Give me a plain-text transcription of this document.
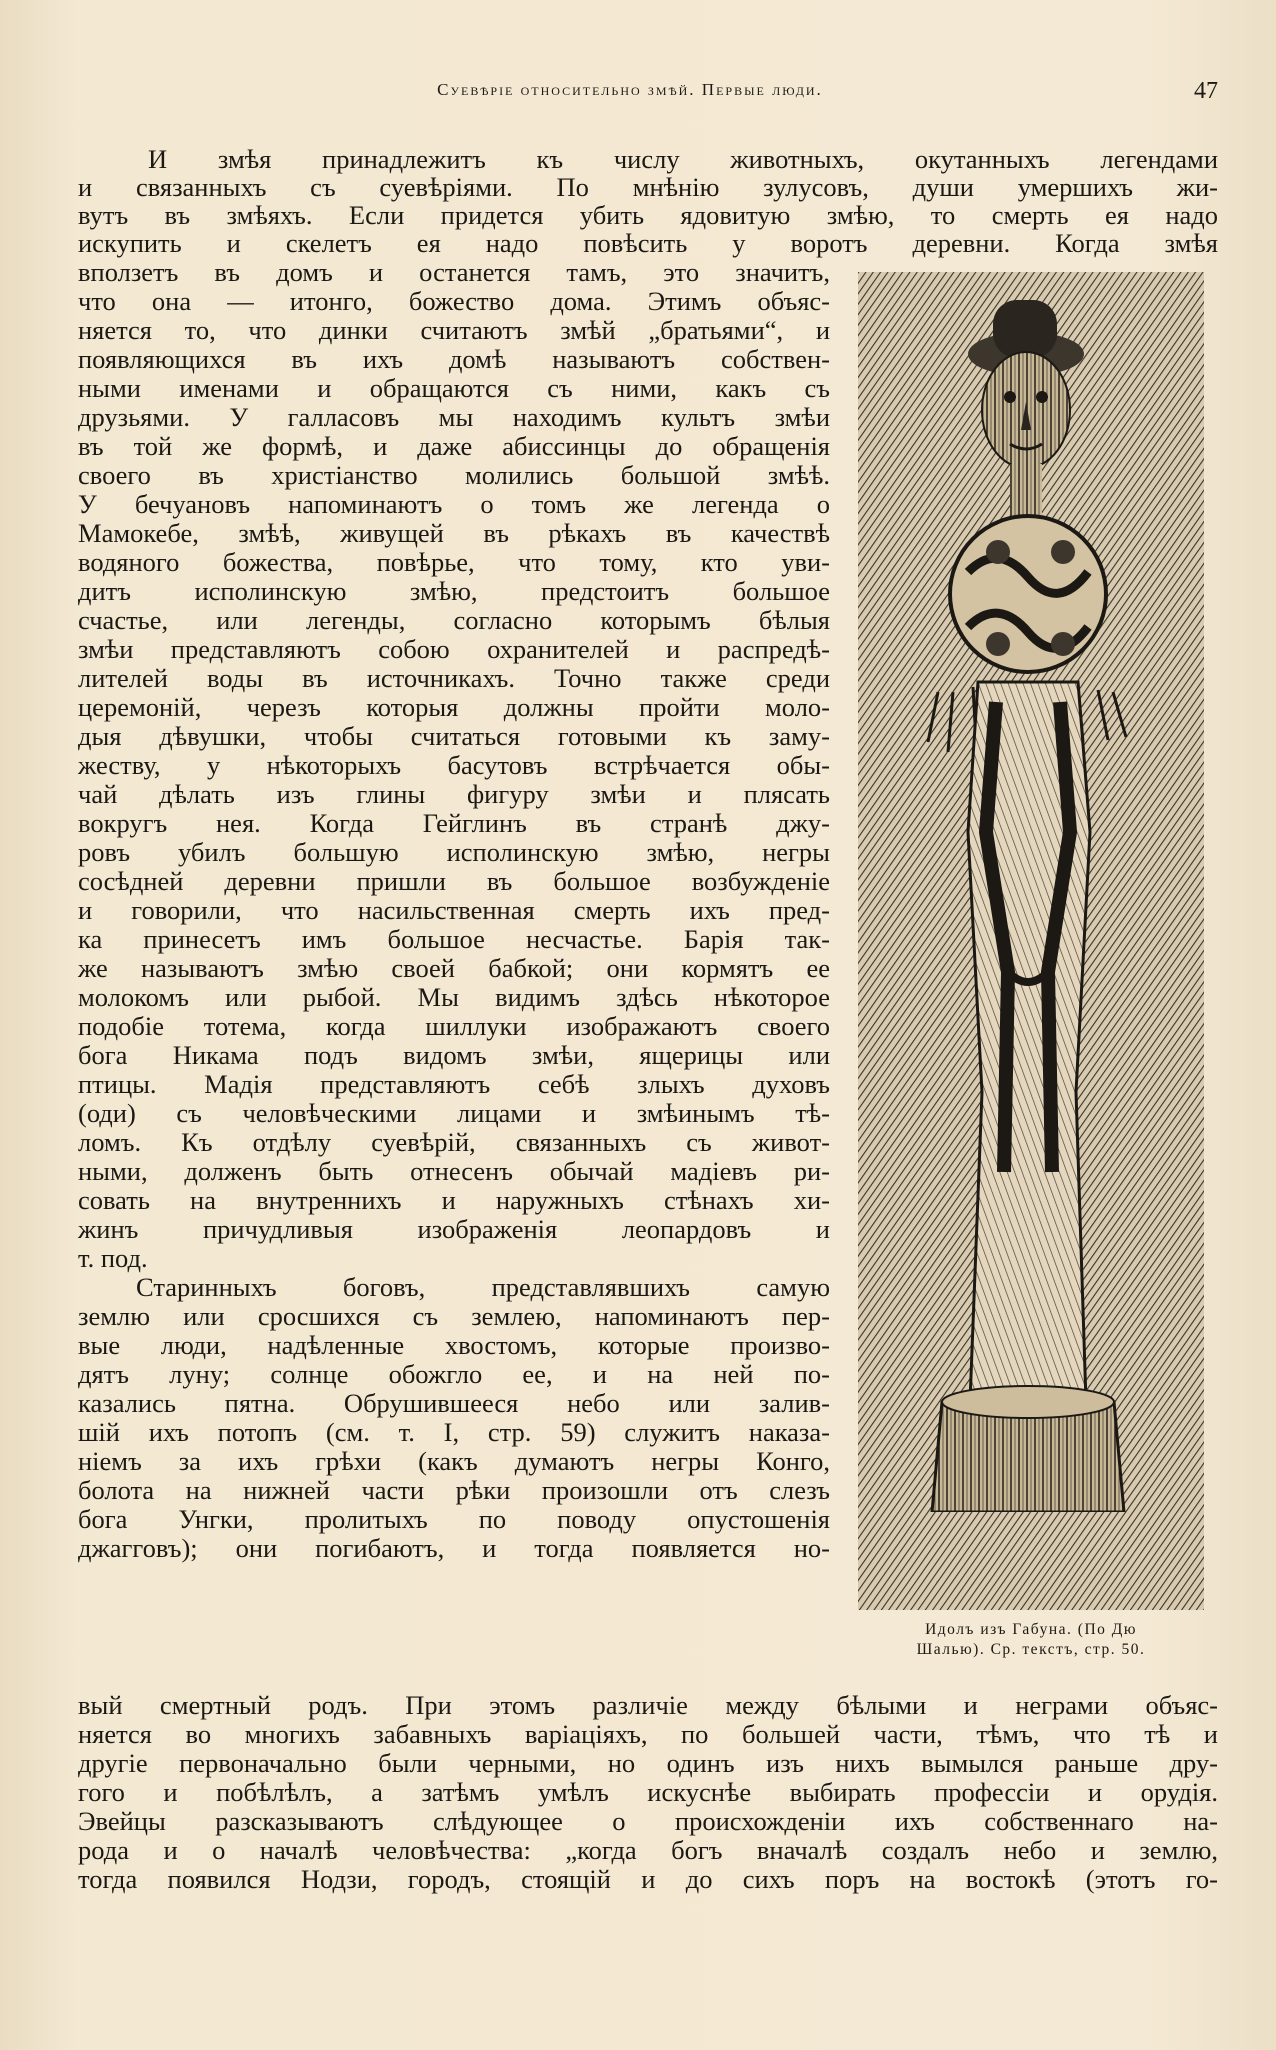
Суевѣріе относительно змѣй. Первые люди.	47
И змѣя принадлежитъ къ числу животныхъ, окутанныхъ легендами
и связанныхъ съ суевѣріями. По мнѣнію зулусовъ, души умершихъ жи-
вутъ въ змѣяхъ. Если придется убить ядовитую змѣю, то смерть ея надо
искупить и скелетъ ея надо повѣсить у воротъ деревни. Когда змѣя
вползетъ въ домъ и останется тамъ, это значитъ,
что она — итонго, божество дома. Этимъ объяс-
няется то, что динки считаютъ змѣй „братьями“, и
появляющихся въ ихъ домѣ называютъ собствен-
ными именами и обращаются съ ними, какъ съ
друзьями. У галласовъ мы находимъ культъ змѣи
въ той же формѣ, и даже абиссинцы до обращенія
своего въ христіанство молились большой змѣѣ.
У бечуановъ напоминаютъ о томъ же легенда о
Мамокебе, змѣѣ, живущей въ рѣкахъ въ качествѣ
водяного божества, повѣрье, что тому, кто уви-
дитъ исполинскую змѣю, предстоитъ большое
счастье, или легенды, согласно которымъ бѣлыя
змѣи представляютъ собою охранителей и распредѣ-
лителей воды въ источникахъ. Точно также среди
церемоній, черезъ которыя должны пройти моло-
дыя дѣвушки, чтобы считаться готовыми къ заму-
жеству, у нѣкоторыхъ басутовъ встрѣчается обы-
чай дѣлать изъ глины фигуру змѣи и плясать
вокругъ нея. Когда Гейглинъ въ странѣ джу-
ровъ убилъ большую исполинскую змѣю, негры
сосѣдней деревни пришли въ большое возбужденіе
и говорили, что насильственная смерть ихъ пред-
ка принесетъ имъ большое несчастье. Барія так-
же называютъ змѣю своей бабкой; они кормятъ ее
молокомъ или рыбой. Мы видимъ здѣсь нѣкоторое
подобіе тотема, когда шиллуки изображаютъ своего
бога Никама подъ видомъ змѣи, ящерицы или
птицы. Мадія представляютъ себѣ злыхъ духовъ
(оди) съ человѣческими лицами и змѣинымъ тѣ-
ломъ. Къ отдѣлу суевѣрій, связанныхъ съ живот-
ными, долженъ быть отнесенъ обычай мадіевъ ри-
совать на внутреннихъ и наружныхъ стѣнахъ хи-
жинъ причудливыя изображенія леопардовъ и
т. под.
Старинныхъ боговъ, представлявшихъ самую
землю или сросшихся съ землею, напоминаютъ пер-
вые люди, надѣленные хвостомъ, которые произво-
дятъ луну; солнце обожгло ее, и на ней по-
казались пятна. Обрушившееся небо или залив-
шій ихъ потопъ (см. т. I, стр. 59) служитъ наказа-
ніемъ за ихъ грѣхи (какъ думаютъ негры Конго,
болота на нижней части рѣки произошли отъ слезъ
бога Унгки, пролитыхъ по поводу опустошенія
джагговъ); они погибаютъ, и тогда появляется но-
вый смертный родъ. При этомъ различіе между бѣлыми и неграми объяс-
няется во многихъ забавныхъ варіаціяхъ, по большей части, тѣмъ, что тѣ и
другіе первоначально были черными, но одинъ изъ нихъ вымылся раньше дру-
гого и побѣлѣлъ, а затѣмъ умѣлъ искуснѣе выбирать профессіи и орудія.
Эвейцы разсказываютъ слѣдующее о происхожденіи ихъ собственнаго на-
рода и о началѣ человѣчества: „когда богъ вначалѣ создалъ небо и землю,
тогда появился Нодзи, городъ, стоящій и до сихъ поръ на востокѣ (этотъ го-
Идолъ изъ Габуна. (По Дю
Шалью). Ср. текстъ, стр. 50.
